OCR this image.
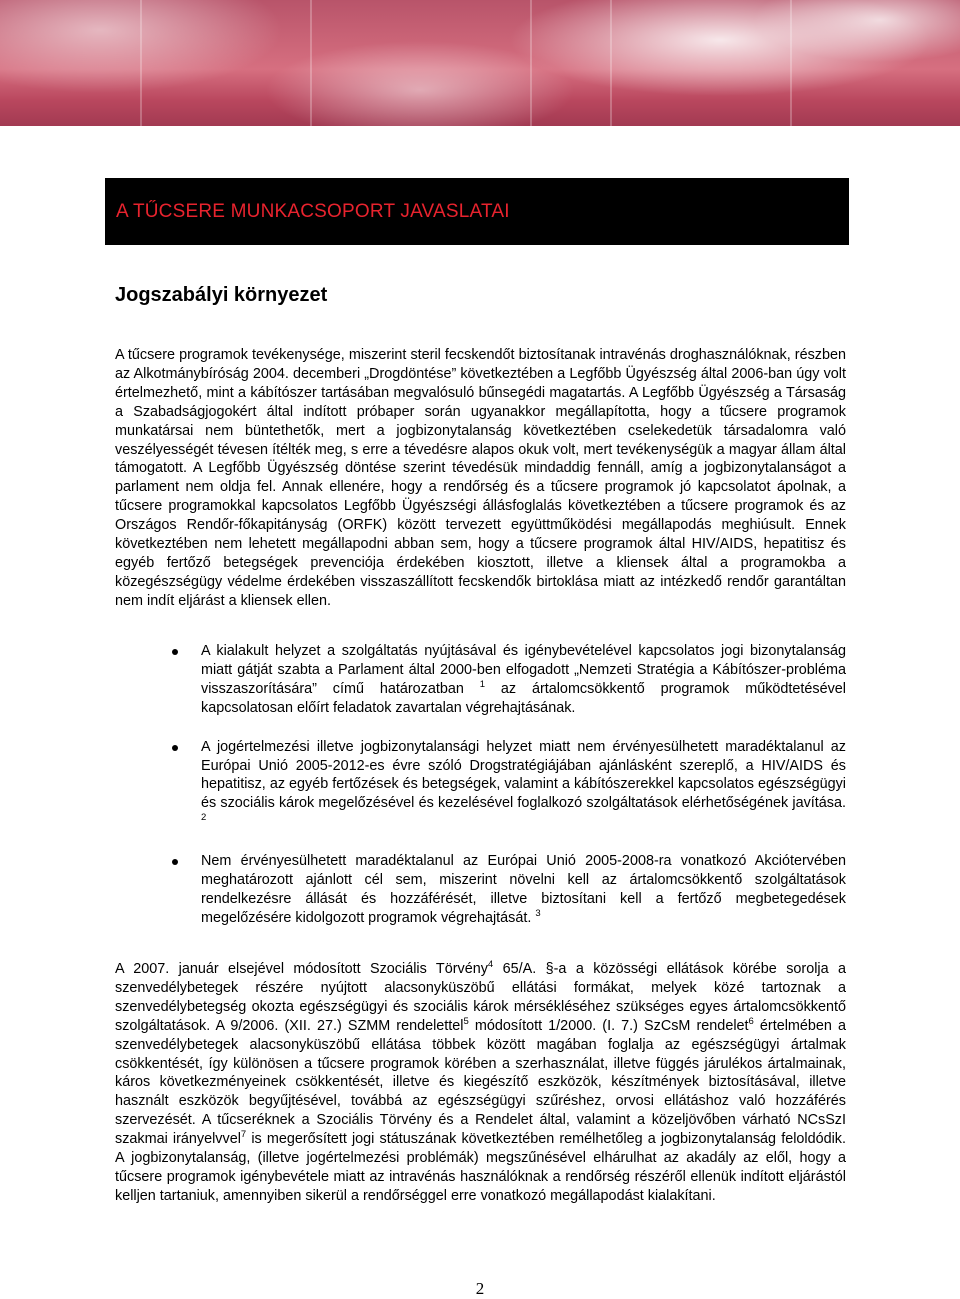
A TŰCSERE MUNKACSOPORT JAVASLATAI
Jogszabályi környezet

A tűcsere programok tevékenysége, miszerint steril fecskendőt biztosítanak intravénás droghasználóknak, részben az Alkotmánybíróság 2004. decemberi „Drogdöntése” következtében a Legfőbb Ügyészség által 2006-ban úgy volt értelmezhető, mint a kábítószer tartásában megvalósuló bűnsegédi magatartás. A Legfőbb Ügyészség a Társaság a Szabadságjogokért által indított próbaper során ugyanakkor megállapította, hogy a tűcsere programok munkatársai nem büntethetők, mert a jogbizonytalanság következtében cselekedetük társadalomra való veszélyességét tévesen ítélték meg, s erre a tévedésre alapos okuk volt, mert tevékenységük a magyar állam által támogatott. A Legfőbb Ügyészség döntése szerint tévedésük mindaddig fennáll, amíg a jogbizonytalanságot a parlament nem oldja fel. Annak ellenére, hogy a rendőrség és a tűcsere programok jó kapcsolatot ápolnak, a tűcsere programokkal kapcsolatos Legfőbb Ügyészségi állásfoglalás következtében a tűcsere programok és az Országos Rendőr-főkapitányság (ORFK) között tervezett együttműködési megállapodás meghiúsult. Ennek következtében nem lehetett megállapodni abban sem, hogy a tűcsere programok által HIV/AIDS, hepatitisz és egyéb fertőző betegségek prevenciója érdekében kiosztott, illetve a kliensek által a programokba a közegészségügy védelme érdekében visszaszállított fecskendők birtoklása miatt az intézkedő rendőr garantáltan nem indít eljárást a kliensek ellen.

A kialakult helyzet a szolgáltatás nyújtásával és igénybevételével kapcsolatos jogi bizonytalanság miatt gátját szabta a Parlament által 2000-ben elfogadott „Nemzeti Stratégia a Kábítószer-probléma visszaszorítására” című határozatban $^1$ az ártalomcsökkentő programok működtetésével kapcsolatosan előírt feladatok zavartalan végrehajtásának.
A jogértelmezési illetve jogbizonytalansági helyzet miatt nem érvényesülhetett maradéktalanul az Európai Unió 2005-2012-es évre szóló Drogstratégiájában ajánlásként szereplő, a HIV/AIDS és hepatitisz, az egyéb fertőzések és betegségek, valamint a kábítószerekkel kapcsolatos egészségügyi és szociális károk megelőzésével és kezelésével foglalkozó szolgáltatások elérhetőségének javítása. $^2$
Nem érvényesülhetett maradéktalanul az Európai Unió 2005-2008-ra vonatkozó Akciótervében meghatározott ajánlott cél sem, miszerint növelni kell az ártalomcsökkentő szolgáltatások rendelkezésre állását és hozzáférését, illetve biztosítani kell a fertőző megbetegedések megelőzésére kidolgozott programok végrehajtását. $^3$

A 2007. január elsejével módosított Szociális Törvény$^4$ 65/A. §-a a közösségi ellátások körébe sorolja a szenvedélybetegek részére nyújtott alacsonyküszöbű ellátási formákat, melyek közé tartoznak a szenvedélybetegség okozta egészségügyi és szociális károk mérsékléséhez szükséges egyes ártalomcsökkentő szolgáltatások. A 9/2006. (XII. 27.) SZMM rendelettel$^5$ módosított 1/2000. (I. 7.) SzCsM rendelet$^6$ értelmében a szenvedélybetegek alacsonyküszöbű ellátása többek között magában foglalja az egészségügyi ártalmak csökkentését, így különösen a tűcsere programok körében a szerhasználat, illetve függés járulékos ártalmainak, káros következményeinek csökkentését, illetve és kiegészítő eszközök, készítmények biztosításával, illetve használt eszközök begyűjtésével, továbbá az egészségügyi szűréshez, orvosi ellátáshoz való hozzáférés szervezését. A tűcseréknek a Szociális Törvény és a Rendelet által, valamint a közeljövőben várható NCsSzI szakmai irányelvvel$^7$ is megerősített jogi státuszának következtében remélhetőleg a jogbizonytalanság feloldódik. A jogbizonytalanság, (illetve jogértelmezési problémák) megszűnésével elhárulhat az akadály az elől, hogy a tűcsere programok igénybevétele miatt az intravénás használóknak a rendőrség részéről ellenük indított eljárástól kelljen tartaniuk, amennyiben sikerül a rendőrséggel erre vonatkozó megállapodást kialakítani.

2
